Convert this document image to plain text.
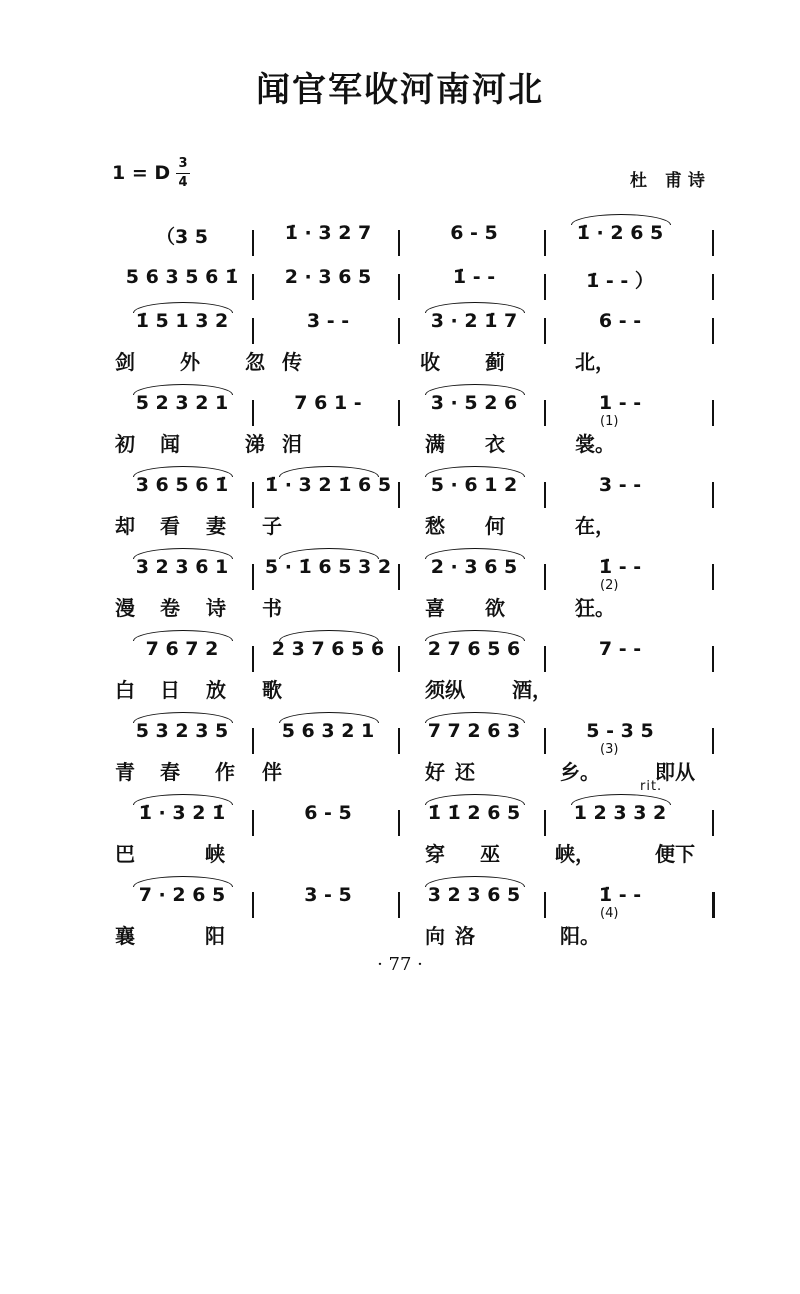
闻官军收河南河北
1 = D 3
4	杜 甫诗
（3 5	1̇ · 3 2 7	6 - 5	1̇ · 2 6 5
5 6 3 5 6 1̇	2 · 3 6 5	1̇ - -	1̇ - - ）
1̇ 5 1 3 2	3 - -	3 · 2 1̇ 7	6 - -
剑 外 忽 传	收 蓟	北，
5 2 3 2 1	7 6 1 -	3 · 5 2 6	1 - -
初 闻	涕 泪	满 衣	裳。
(1)
3 6 5 6 1̇	1̇ · 3 2 1̇ 6 5	5 · 6 1 2	3 - -
却 看 妻 子	愁 何	在，
3 2 3 6 1	5 · 1̇ 6 5 3 2	2 · 3 6 5	1̇ - -
漫 卷 诗 书	喜 欲	狂。
(2)
7 6 7 2	2 3 7 6 5 6	2 7 6 5 6	7 - -
白 日 放 歌	须纵 酒，
5 3 2 3 5	5 6 3 2 1	7 7 2 6 3	5 - 3 5
青 春 作 伴	好 还	乡。	即从
(3)
1̇ · 3 2 1̇	6 - 5	1̇ 1̇ 2 6 5	1 2 3 3 2
巴	峡	穿 巫	峡，	便下
7 · 2 6 5	3 - 5	3 2 3 6 5	1̇ - -
襄	阳	向 洛	阳。
(4)
rit.
· 77 ·
